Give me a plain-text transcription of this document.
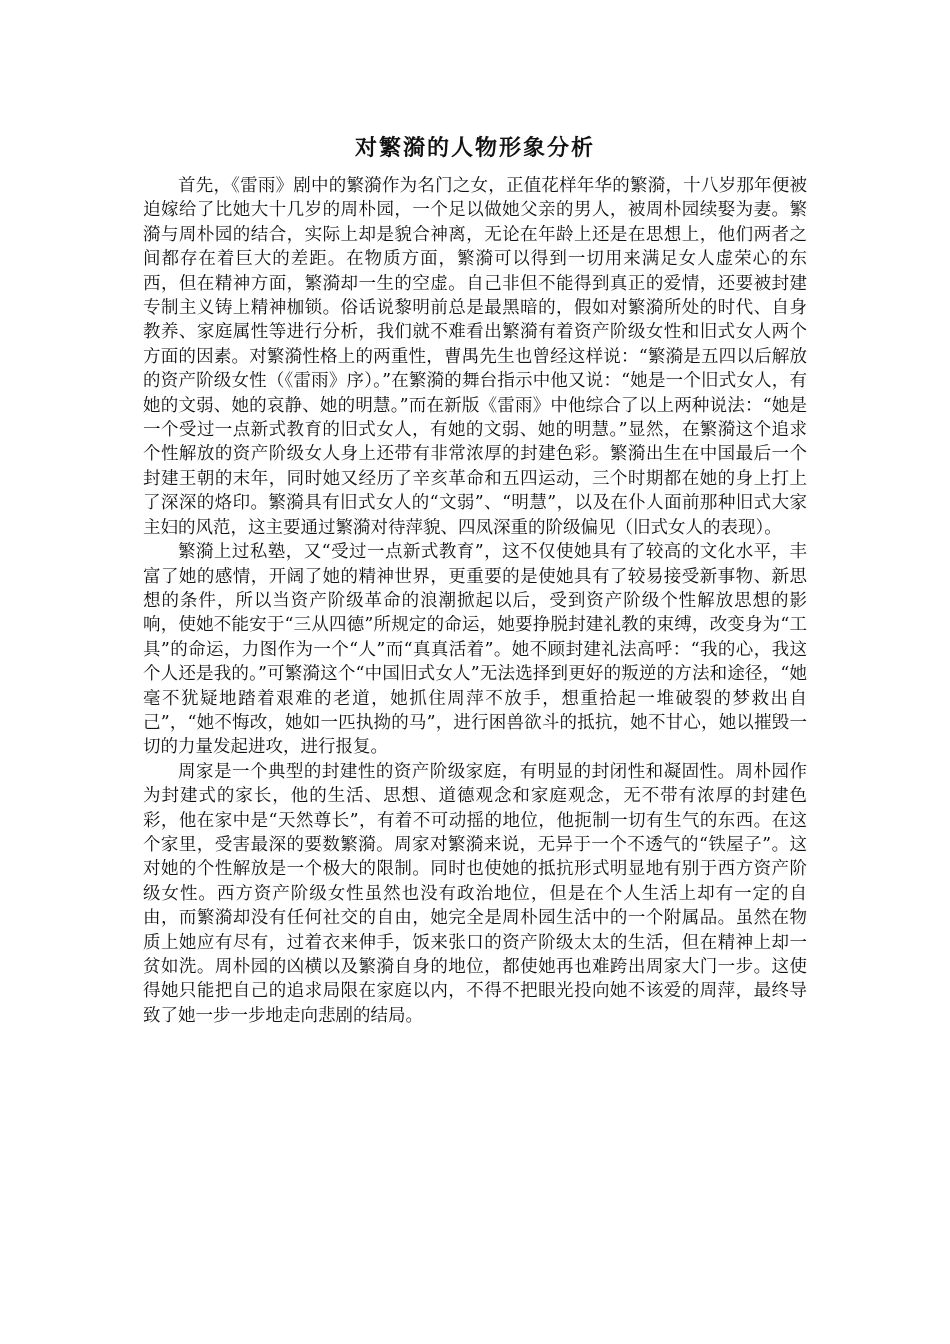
对繁漪的人物形象分析

首先，《雷雨》剧中的繁漪作为名门之女，正值花样年华的繁漪，十八岁那年便被迫嫁给了比她大十几岁的周朴园，一个足以做她父亲的男人，被周朴园续娶为妻。繁漪与周朴园的结合，实际上却是貌合神离，无论在年龄上还是在思想上，他们两者之间都存在着巨大的差距。在物质方面，繁漪可以得到一切用来满足女人虚荣心的东西，但在精神方面，繁漪却一生的空虚。自己非但不能得到真正的爱情，还要被封建专制主义铸上精神枷锁。俗话说黎明前总是最黑暗的，假如对繁漪所处的时代、自身教养、家庭属性等进行分析，我们就不难看出繁漪有着资产阶级女性和旧式女人两个方面的因素。对繁漪性格上的两重性，曹禺先生也曾经这样说：“繁漪是五四以后解放的资产阶级女性（《雷雨》序）。”在繁漪的舞台指示中他又说：“她是一个旧式女人，有她的文弱、她的哀静、她的明慧。”而在新版《雷雨》中他综合了以上两种说法：“她是一个受过一点新式教育的旧式女人，有她的文弱、她的明慧。”显然，在繁漪这个追求个性解放的资产阶级女人身上还带有非常浓厚的封建色彩。繁漪出生在中国最后一个封建王朝的末年，同时她又经历了辛亥革命和五四运动，三个时期都在她的身上打上了深深的烙印。繁漪具有旧式女人的“文弱”、“明慧”，以及在仆人面前那种旧式大家主妇的风范，这主要通过繁漪对待萍貌、四凤深重的阶级偏见（旧式女人的表现）。

繁漪上过私塾，又“受过一点新式教育”，这不仅使她具有了较高的文化水平，丰富了她的感情，开阔了她的精神世界，更重要的是使她具有了较易接受新事物、新思想的条件，所以当资产阶级革命的浪潮掀起以后，受到资产阶级个性解放思想的影响，使她不能安于“三从四德”所规定的命运，她要挣脱封建礼教的束缚，改变身为“工具”的命运，力图作为一个“人”而“真真活着”。她不顾封建礼法高呼：“我的心，我这个人还是我的。”可繁漪这个“中国旧式女人”无法选择到更好的叛逆的方法和途径，“她毫不犹疑地踏着艰难的老道，她抓住周萍不放手，想重拾起一堆破裂的梦救出自己”，“她不悔改，她如一匹执拗的马”，进行困兽欲斗的抵抗，她不甘心，她以摧毁一切的力量发起进攻，进行报复。

周家是一个典型的封建性的资产阶级家庭，有明显的封闭性和凝固性。周朴园作为封建式的家长，他的生活、思想、道德观念和家庭观念，无不带有浓厚的封建色彩，他在家中是“天然尊长”，有着不可动摇的地位，他扼制一切有生气的东西。在这个家里，受害最深的要数繁漪。周家对繁漪来说，无异于一个不透气的“铁屋子”。这对她的个性解放是一个极大的限制。同时也使她的抵抗形式明显地有别于西方资产阶级女性。西方资产阶级女性虽然也没有政治地位，但是在个人生活上却有一定的自由，而繁漪却没有任何社交的自由，她完全是周朴园生活中的一个附属品。虽然在物质上她应有尽有，过着衣来伸手，饭来张口的资产阶级太太的生活，但在精神上却一贫如洗。周朴园的凶横以及繁漪自身的地位，都使她再也难跨出周家大门一步。这使得她只能把自己的追求局限在家庭以内，不得不把眼光投向她不该爱的周萍，最终导致了她一步一步地走向悲剧的结局。
